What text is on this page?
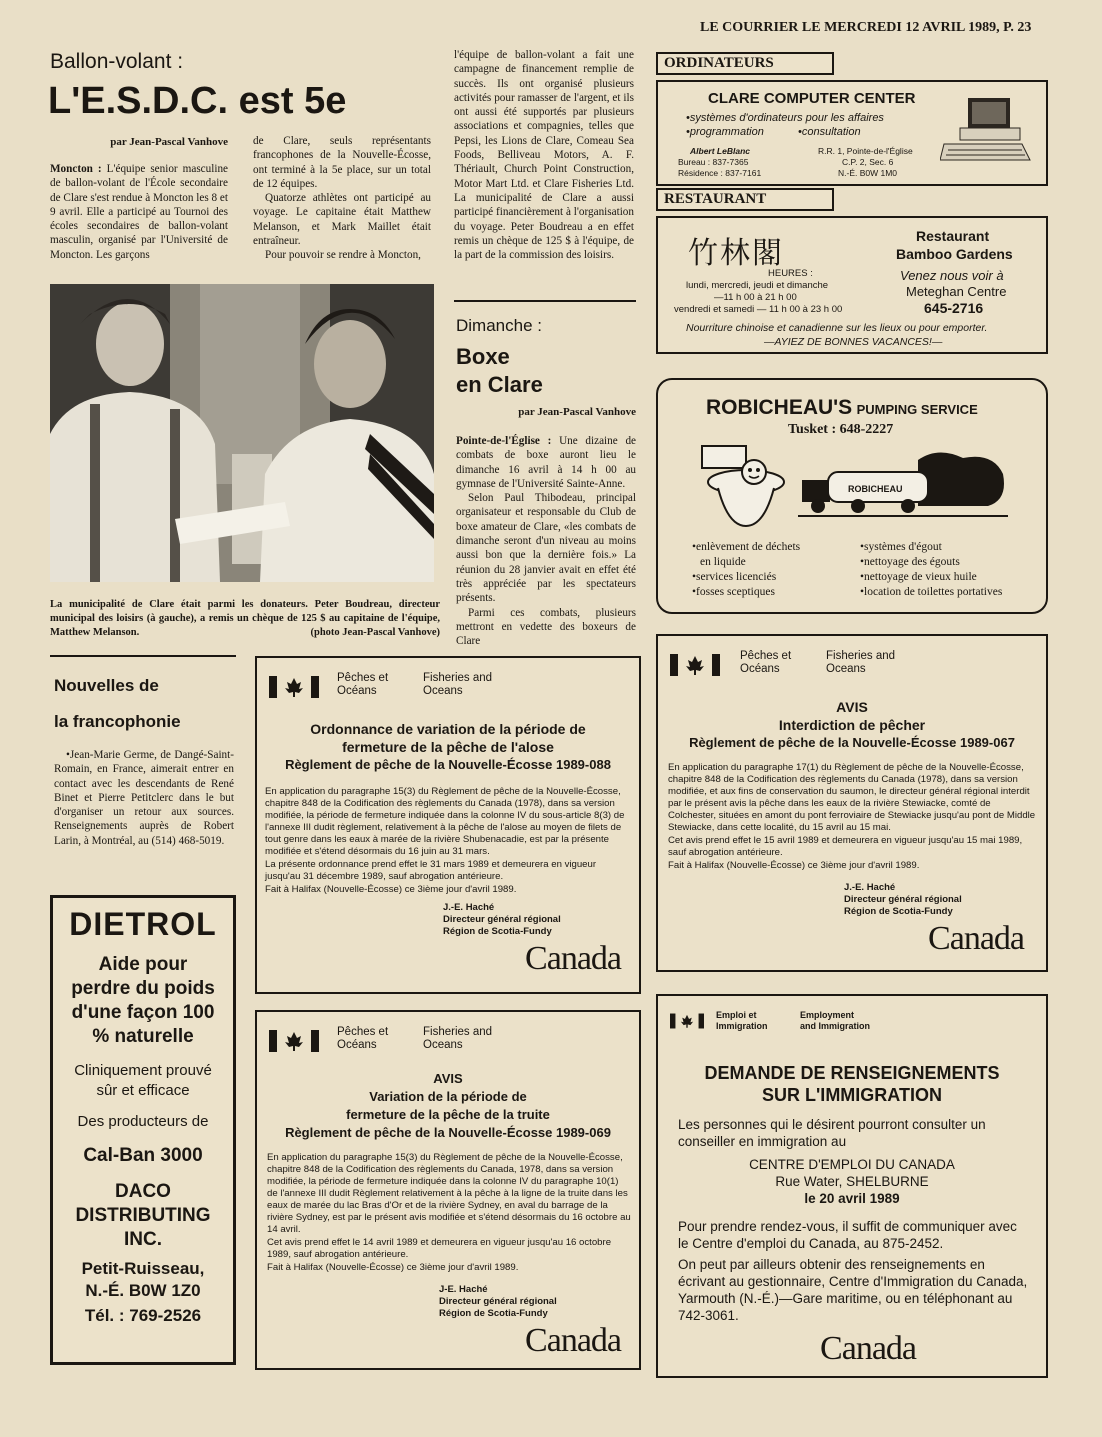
LE COURRIER LE MERCREDI 12 AVRIL 1989, P. 23
Ballon-volant :
L'E.S.D.C. est 5e
par Jean-Pascal Vanhove

Moncton : L'équipe senior masculine de ballon-volant de l'École secondaire de Clare s'est rendue à Moncton les 8 et 9 avril. Elle a participé au Tournoi des écoles secondaires de ballon-volant masculin, organisé par l'Université de Moncton. Les garçons

de Clare, seuls représentants francophones de la Nouvelle-Écosse, ont terminé à la 5e place, sur un total de 12 équipes.

Quatorze athlètes ont participé au voyage. Le capitaine était Matthew Melanson, et Mark Maillet était entraîneur.

Pour pouvoir se rendre à Moncton,

l'équipe de ballon-volant a fait une campagne de financement remplie de succès. Ils ont organisé plusieurs activités pour ramasser de l'argent, et ils ont aussi été supportés par plusieurs associations et compagnies, telles que Pepsi, les Lions de Clare, Comeau Sea Foods, Belliveau Motors, A. F. Thériault, Church Point Construction, Motor Mart Ltd. et Clare Fisheries Ltd. La municipalité de Clare a aussi participé financièrement à l'organisation du voyage. Peter Boudreau a en effet remis un chèque de 125 $ à l'équipe, de la part de la commission des loisirs.

La municipalité de Clare était parmi les donateurs. Peter Boudreau, directeur municipal des loisirs (à gauche), a remis un chèque de 125 $ au capitaine de l'équipe, Matthew Melanson.	(photo Jean-Pascal Vanhove)
Dimanche :
Boxe
en Clare
par Jean-Pascal Vanhove

Pointe-de-l'Église : Une dizaine de combats de boxe auront lieu le dimanche 16 avril à 14 h 00 au gymnase de l'Université Sainte-Anne.

Selon Paul Thibodeau, principal organisateur et responsable du Club de boxe amateur de Clare, «les combats de dimanche seront d'un niveau au moins aussi bon que la dernière fois.» La réunion du 28 janvier avait en effet été très appréciée par les spectateurs présents.

Parmi ces combats, plusieurs mettront en vedette des boxeurs de Clare

Nouvelles de
la francophonie

•Jean-Marie Germe, de Dangé-Saint-Romain, en France, aimerait entrer en contact avec les descendants de René Binet et Pierre Petitclerc dans le but d'organiser un retour aux sources. Renseignements auprès de Robert Larin, à Montréal, au (514) 468-5019.

DIETROL
Aide pour perdre du poids d'une façon 100 % naturelle
Cliniquement prouvé sûr et efficace
Des producteurs de
Cal-Ban 3000
DACO DISTRIBUTING INC.
Petit-Ruisseau, N.-É. B0W 1Z0
Tél. : 769-2526
ORDINATEURS
CLARE COMPUTER CENTER
•systèmes d'ordinateurs pour les affaires
•programmation	•consultation
Albert LeBlanc
Bureau : 837-7365
Résidence : 837-7161
R.R. 1, Pointe-de-l'Église
C.P. 2, Sec. 6
N.-É. B0W 1M0
RESTAURANT
竹林閣
HEURES :
lundi, mercredi, jeudi et dimanche
—11 h 00 à 21 h 00
vendredi et samedi — 11 h 00 à 23 h 00
Restaurant
Bamboo Gardens
Venez nous voir à
Meteghan Centre
645-2716
Nourriture chinoise et canadienne sur les lieux ou pour emporter.
—AYIEZ DE BONNES VACANCES!—
ROBICHEAU'S PUMPING SERVICE
Tusket : 648-2227
ROBICHEAU
•enlèvement de déchets
en liquide
•services licenciés
•fosses sceptiques
•systèmes d'égout
•nettoyage des égouts
•nettoyage de vieux huile
•location de toilettes portatives
Pêches et Océans
Fisheries and Oceans
Ordonnance de variation de la période de
fermeture de la pêche de l'alose
Règlement de pêche de la Nouvelle-Écosse 1989-088

En application du paragraphe 15(3) du Règlement de pêche de la Nouvelle-Écosse, chapitre 848 de la Codification des règlements du Canada (1978), dans sa version modifiée, la période de fermeture indiquée dans la colonne IV du sous-article 8(3) de l'annexe III dudit règlement, relativement à la pêche de l'alose au moyen de filets de tout genre dans les eaux à marée de la rivière Shubenacadie, est par la présente modifiée et s'étend désormais du 16 juin au 31 mars.

La présente ordonnance prend effet le 31 mars 1989 et demeurera en vigueur jusqu'au 31 décembre 1989, sauf abrogation antérieure.

Fait à Halifax (Nouvelle-Écosse) ce 3ième jour d'avril 1989.

J.-E. Haché
Directeur général régional
Région de Scotia-Fundy
Canada
Pêches et Océans
Fisheries and Oceans
AVIS
Interdiction de pêcher
Règlement de pêche de la Nouvelle-Écosse 1989-067

En application du paragraphe 17(1) du Règlement de pêche de la Nouvelle-Écosse, chapitre 848 de la Codification des règlements du Canada (1978), dans sa version modifiée, et aux fins de conservation du saumon, le directeur général régional interdit par le présent avis la pêche dans les eaux de la rivière Stewiacke, comté de Colchester, situées en amont du pont ferroviaire de Stewiacke jusqu'au pont de Middle Stewiacke, dans cette localité, du 15 avril au 15 mai.

Cet avis prend effet le 15 avril 1989 et demeurera en vigueur jusqu'au 15 mai 1989, sauf abrogation antérieure.

Fait à Halifax (Nouvelle-Écosse) ce 3ième jour d'avril 1989.

J.-E. Haché
Directeur général régional
Région de Scotia-Fundy
Canada
Pêches et Océans
Fisheries and Oceans
AVIS
Variation de la période de
fermeture de la pêche de la truite
Règlement de pêche de la Nouvelle-Écosse 1989-069

En application du paragraphe 15(3) du Règlement de pêche de la Nouvelle-Écosse, chapitre 848 de la Codification des règlements du Canada, 1978, dans sa version modifiée, la période de fermeture indiquée dans la colonne IV du paragraphe 10(1) de l'annexe III dudit Règlement relativement à la pêche à la ligne de la truite dans les eaux de marée du lac Bras d'Or et de la rivière Sydney, en aval du barrage de la rivière Sydney, est par le présent avis modifiée et s'étend désormais du 16 octobre au 14 avril.

Cet avis prend effet le 14 avril 1989 et demeurera en vigueur jusqu'au 16 octobre 1989, sauf abrogation antérieure.

Fait à Halifax (Nouvelle-Écosse) ce 3ième jour d'avril 1989.

J-E. Haché
Directeur général régional
Région de Scotia-Fundy
Canada
Emploi et
Immigration
Employment
and Immigration
DEMANDE DE RENSEIGNEMENTS
SUR L'IMMIGRATION
Les personnes qui le désirent pourront consulter un conseiller en immigration au
CENTRE D'EMPLOI DU CANADA
Rue Water, SHELBURNE
le 20 avril 1989
Pour prendre rendez-vous, il suffit de communiquer avec le Centre d'emploi du Canada, au 875-2452.
On peut par ailleurs obtenir des renseignements en écrivant au gestionnaire, Centre d'Immigration du Canada, Yarmouth (N.-É.)—Gare maritime, ou en téléphonant au 742-3061.
Canada
